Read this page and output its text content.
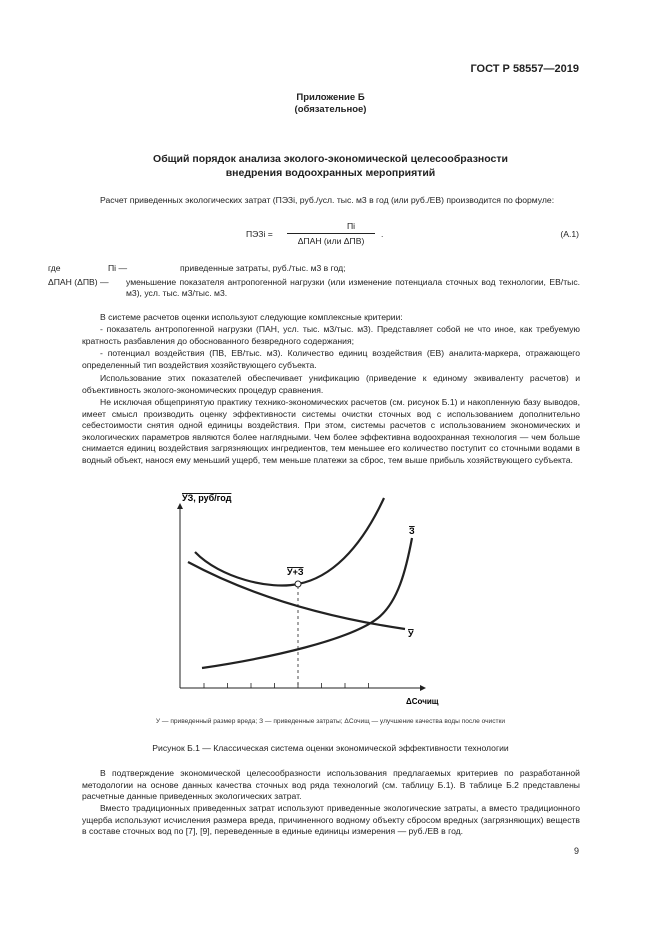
ГОСТ Р 58557—2019
Приложение Б
(обязательное)
Общий порядок анализа эколого-экономической целесообразности
внедрения водоохранных мероприятий
Расчет приведенных экологических затрат (ПЭЗi, руб./усл. тыс. м3 в год (или руб./ЕВ) производится по формуле:
ПЭЗi =
Пi
ΔПАН (или ΔПВ)
.	(А.1)
где	Пi —	приведенные затраты, руб./тыс. м3 в год;
ΔПАН (ΔПВ) —	уменьшение показателя антропогенной нагрузки (или изменение потенциала сточных вод технологии, ЕВ/тыс. м3), усл. тыс. м3/тыс. м3.
В системе расчетов оценки используют следующие комплексные критерии:
- показатель антропогенной нагрузки (ПАН, усл. тыс. м3/тыс. м3). Представляет собой не что иное, как требуемую кратность разбавления до обоснованного безвредного содержания;
- потенциал воздействия (ПВ, ЕВ/тыс. м3). Количество единиц воздействия (ЕВ) аналита-маркера, отражающего определенный тип воздействия хозяйствующего субъекта.
Использование этих показателей обеспечивает унификацию (приведение к единому эквиваленту расчетов) и объективность эколого-экономических процедур сравнения.
Не исключая общепринятую практику технико-экономических расчетов (см. рисунок Б.1) и накопленную базу выводов, имеет смысл производить оценку эффективности системы очистки сточных вод с использованием дополнительно себестоимости снятия одной единицы воздействия. При этом, системы расчетов с использованием экономических и экологических параметров являются более наглядными. Чем более эффективна водоохранная технология — чем больше снимается единиц воздействия загрязняющих ингредиентов, тем меньшее его количество поступит со сточными водами в водный объект, нанося ему меньший ущерб, тем меньше платежи за сброс, тем выше прибыль хозяйствующего субъекта.
УЗ, руб/год
ΔCочищ
З
У
У+З
У — приведенный размер вреда; З — приведенные затраты; ΔCочищ — улучшение качества воды после очистки
Рисунок Б.1 — Классическая система оценки экономической эффективности технологии
В подтверждение экономической целесообразности использования предлагаемых критериев по разработанной методологии на основе данных качества сточных вод ряда технологий (см. таблицу Б.1). В таблице Б.2 представлены расчетные данные приведенных экологических затрат.
Вместо традиционных приведенных затрат используют приведенные экологические затраты, а вместо традиционного ущерба используют исчисления размера вреда, причиненного водному объекту сбросом вредных (загрязняющих) веществ в составе сточных вод по [7], [9], переведенные в единые единицы измерения — руб./ЕВ в год.
9
